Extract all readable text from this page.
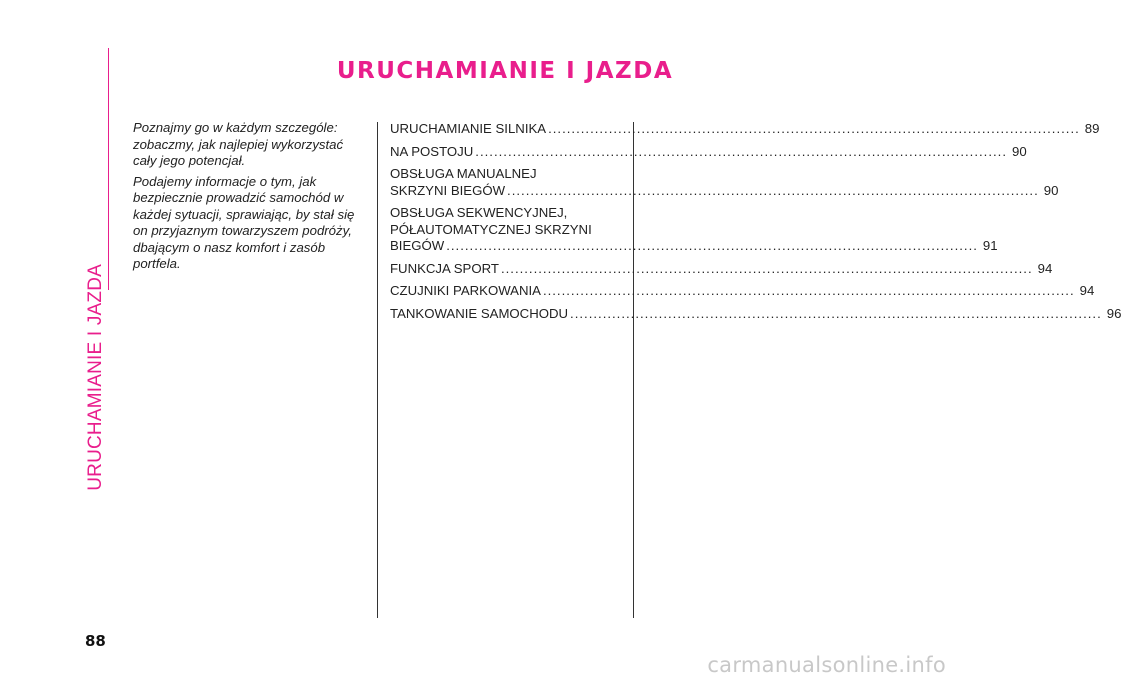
URUCHAMIANIE I JAZDA
URUCHAMIANIE I JAZDA

Poznajmy go w każdym szczególe: zobaczmy, jak najlepiej wykorzystać cały jego potencjał.

Podajemy informacje o tym, jak bezpiecznie prowadzić samochód w każdej sytuacji, sprawiając, by stał się on przyjaznym towarzyszem podróży, dbającym o nasz komfort i zasób portfela.

URUCHAMIANIE SILNIKA .....	89
NA POSTOJU .....	90
OBSŁUGA MANUALNEJ
SKRZYNI BIEGÓW .....	90
OBSŁUGA SEKWENCYJNEJ,
PÓŁAUTOMATYCZNEJ SKRZYNI
BIEGÓW .....	91
FUNKCJA SPORT .....	94
CZUJNIKI PARKOWANIA .....	94
TANKOWANIE SAMOCHODU .....	96
88
carmanualsonline.info
